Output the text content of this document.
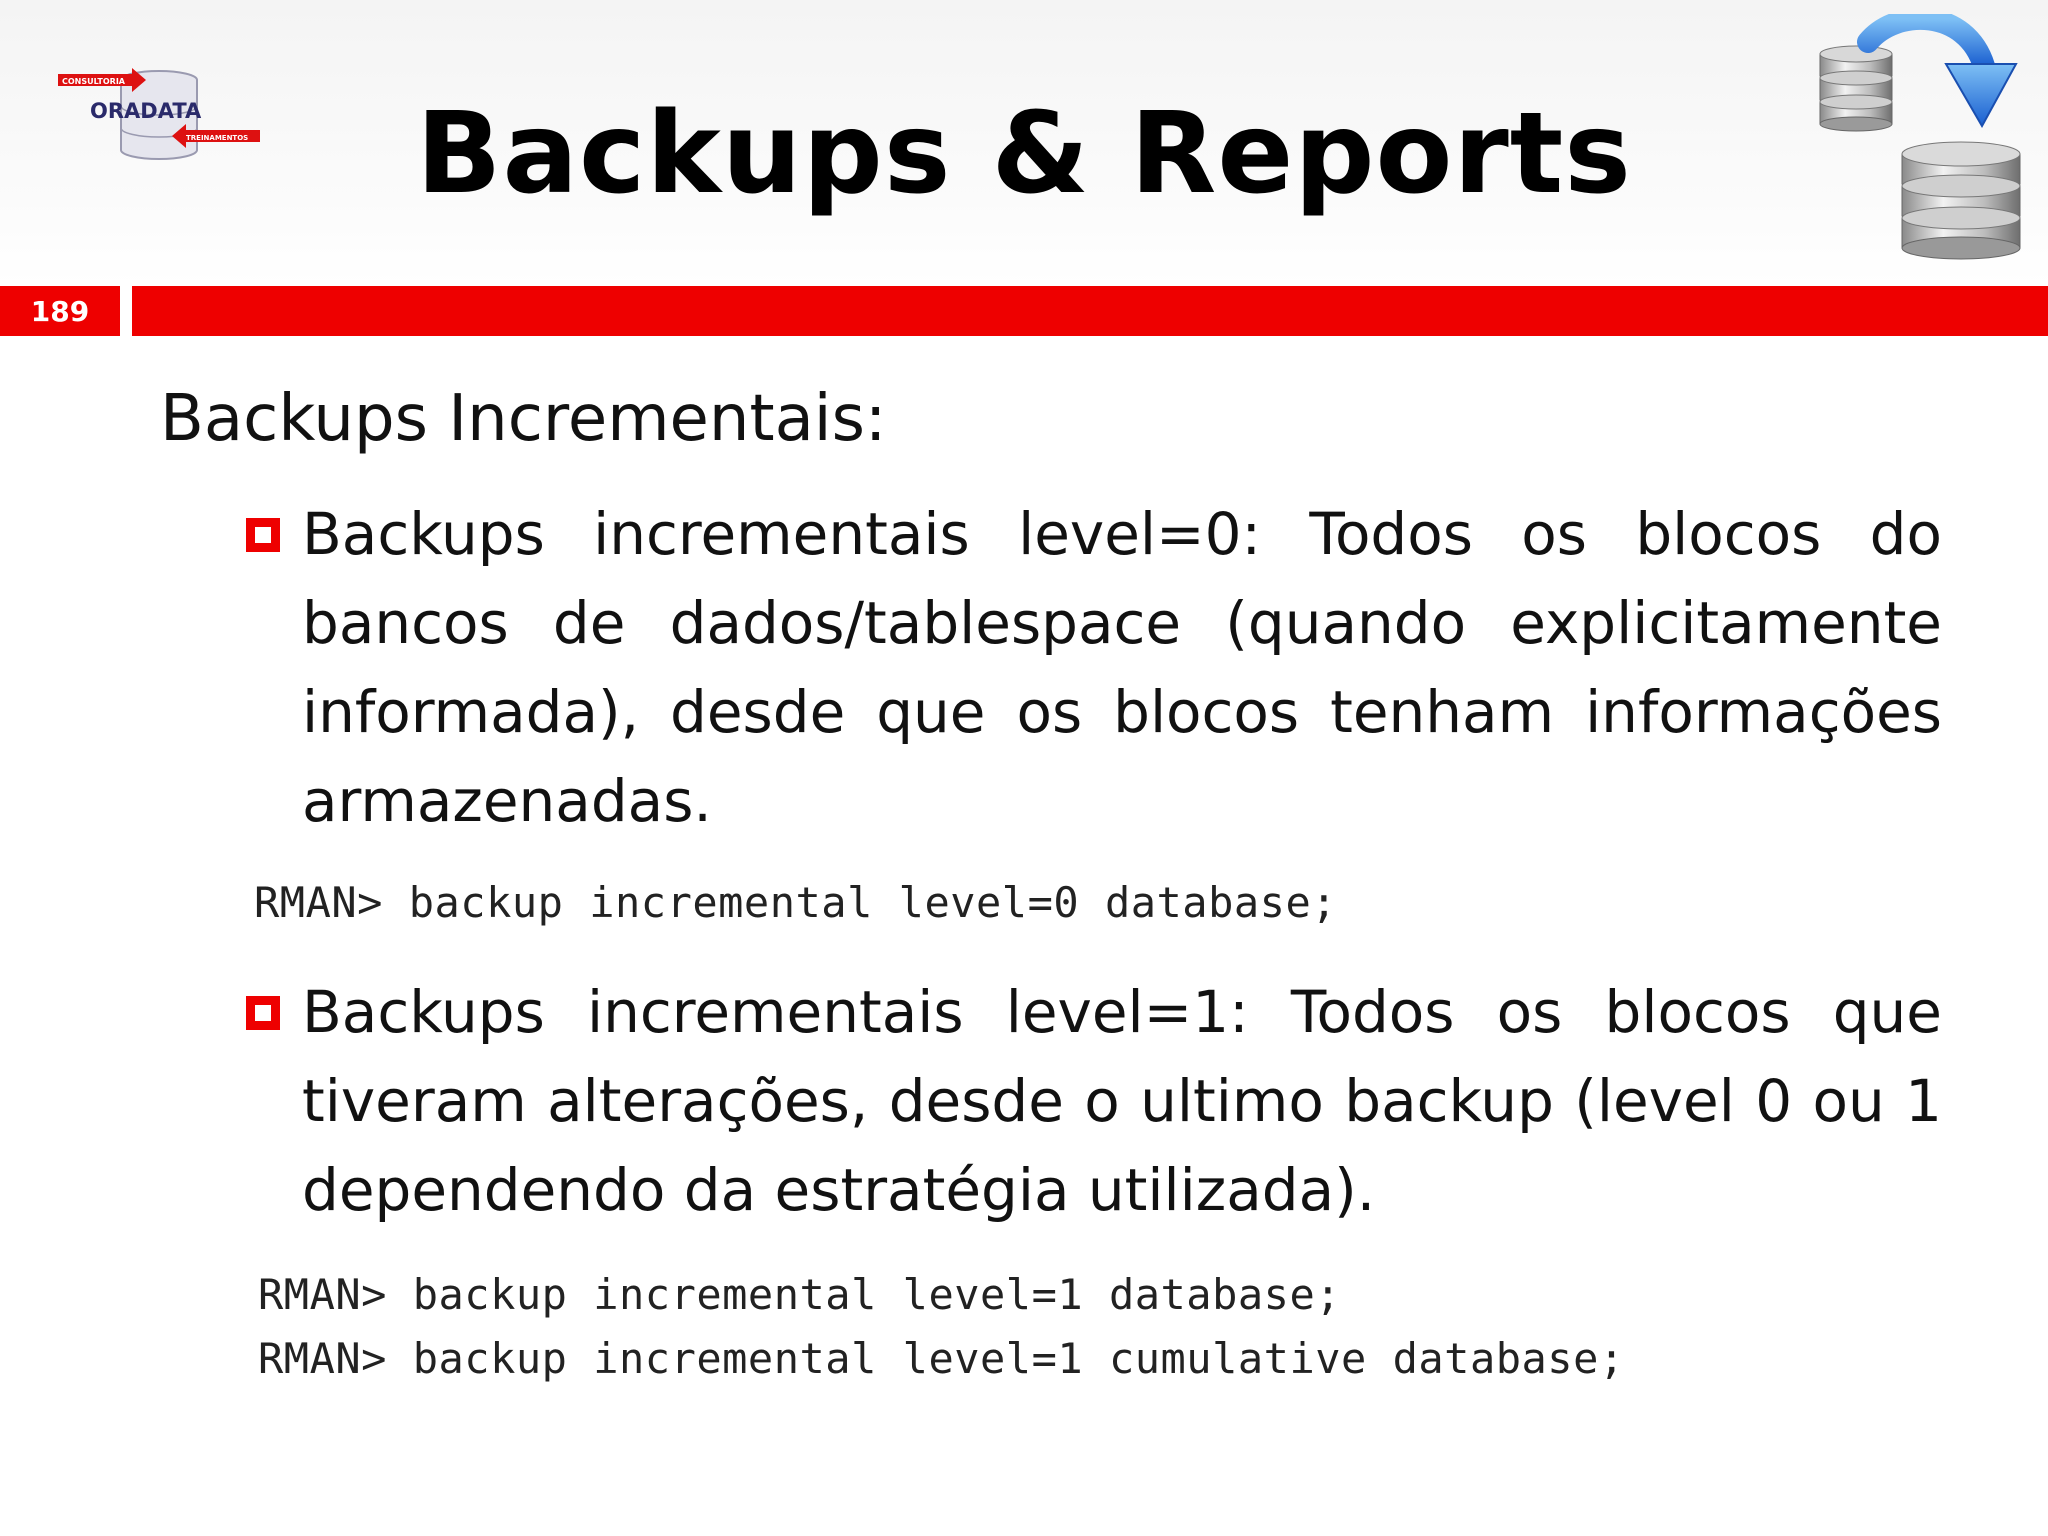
CONSULTORIA
ORADATA
TREINAMENTOS	Backups & Reports
189
Backups Incrementais:
Backups incrementais level=0: Todos os blocos do bancos de dados/tablespace (quando explicitamente informada), desde que os blocos tenham informações armazenadas.
RMAN> backup incremental level=0 database;
Backups incrementais level=1: Todos os blocos que tiveram alterações, desde o ultimo backup (level 0 ou 1 dependendo da estratégia utilizada).
RMAN> backup incremental level=1 database;
RMAN> backup incremental level=1 cumulative database;
